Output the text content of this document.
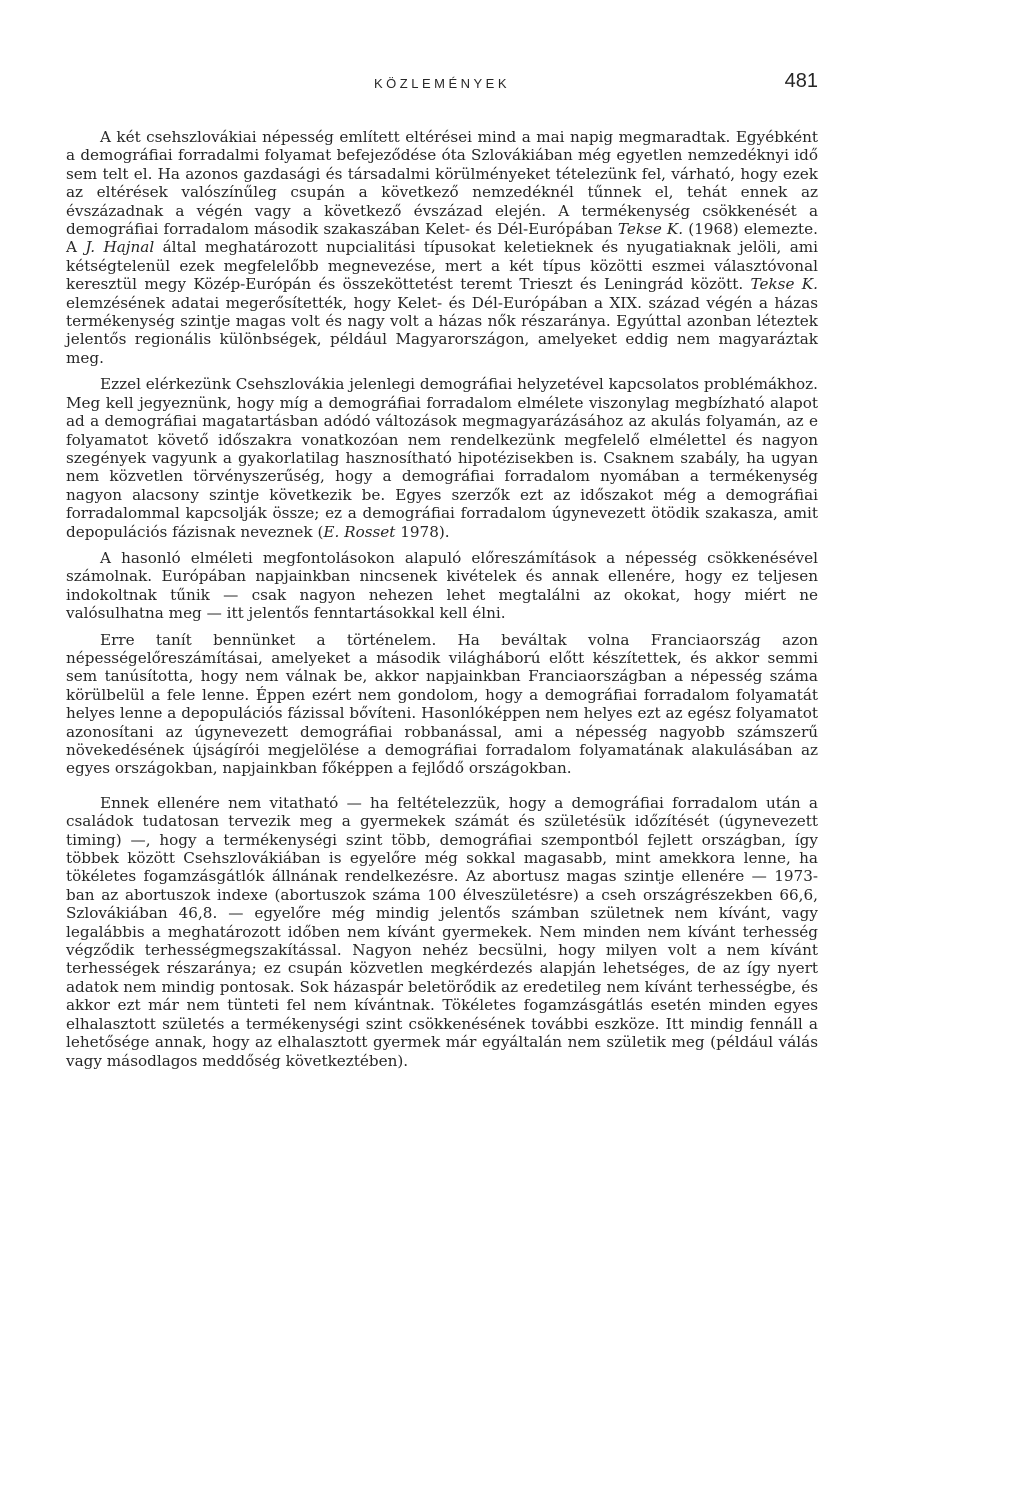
KÖZLEMÉNYEK	481

A két csehszlovákiai népesség említett eltérései mind a mai napig megmaradtak. Egyébként a demográfiai forradalmi folyamat befejeződése óta Szlovákiában még egyetlen nemzedéknyi idő sem telt el. Ha azonos gazdasági és társadalmi körülményeket tételezünk fel, várható, hogy ezek az eltérések valószínűleg csupán a következő nemzedéknél tűnnek el, tehát ennek az évszázadnak a végén vagy a következő évszázad elején. A termékenység csökkenését a demográfiai forradalom második szakaszában Kelet- és Dél-Európában Tekse K. (1968) elemezte. A J. Hajnal által meghatározott nupcialitási típusokat keletieknek és nyugatiaknak jelöli, ami kétségtelenül ezek megfelelőbb megnevezése, mert a két típus közötti eszmei választóvonal keresztül megy Közép-Európán és összeköttetést teremt Trieszt és Leningrád között. Tekse K. elemzésének adatai megerősítették, hogy Kelet- és Dél-Európában a XIX. század végén a házas termékenység szintje magas volt és nagy volt a házas nők részaránya. Egyúttal azonban léteztek jelentős regionális különbségek, például Magyarországon, amelyeket eddig nem magyaráztak meg.

Ezzel elérkezünk Csehszlovákia jelenlegi demográfiai helyzetével kapcsolatos problémákhoz. Meg kell jegyeznünk, hogy míg a demográfiai forradalom elmélete viszonylag megbízható alapot ad a demográfiai magatartásban adódó változások megmagyarázásához az akulás folyamán, az e folyamatot követő időszakra vonatkozóan nem rendelkezünk megfelelő elmélettel és nagyon szegények vagyunk a gyakorlatilag hasznosítható hipotézisekben is. Csaknem szabály, ha ugyan nem közvetlen törvényszerűség, hogy a demográfiai forradalom nyomában a termékenység nagyon alacsony szintje következik be. Egyes szerzők ezt az időszakot még a demográfiai forradalommal kapcsolják össze; ez a demográfiai forradalom úgynevezett ötödik szakasza, amit depopulációs fázisnak neveznek (E. Rosset 1978).

A hasonló elméleti megfontolásokon alapuló előreszámítások a népesség csökkenésével számolnak. Európában napjainkban nincsenek kivételek és annak ellenére, hogy ez teljesen indokoltnak tűnik — csak nagyon nehezen lehet megtalálni az okokat, hogy miért ne valósulhatna meg — itt jelentős fenntartásokkal kell élni.

Erre tanít bennünket a történelem. Ha beváltak volna Franciaország azon népességelőreszámításai, amelyeket a második világháború előtt készítettek, és akkor semmi sem tanúsította, hogy nem válnak be, akkor napjainkban Franciaországban a népesség száma körülbelül a fele lenne. Éppen ezért nem gondolom, hogy a demográfiai forradalom folyamatát helyes lenne a depopulációs fázissal bővíteni. Hasonlóképpen nem helyes ezt az egész folyamatot azonosítani az úgynevezett demográfiai robbanással, ami a népesség nagyobb számszerű növekedésének újságírói megjelölése a demográfiai forradalom folyamatának alakulásában az egyes országokban, napjainkban főképpen a fejlődő országokban.

Ennek ellenére nem vitatható — ha feltételezzük, hogy a demográfiai forradalom után a családok tudatosan tervezik meg a gyermekek számát és születésük időzítését (úgynevezett timing) —, hogy a termékenységi szint több, demográfiai szempontból fejlett országban, így többek között Csehszlovákiában is egyelőre még sokkal magasabb, mint amekkora lenne, ha tökéletes fogamzásgátlók állnának rendelkezésre. Az abortusz magas szintje ellenére — 1973-ban az abortuszok indexe (abortuszok száma 100 élveszületésre) a cseh országrészekben 66,6, Szlovákiában 46,8. — egyelőre még mindig jelentős számban születnek nem kívánt, vagy legalábbis a meghatározott időben nem kívánt gyermekek. Nem minden nem kívánt terhesség végződik terhességmegszakítással. Nagyon nehéz becsülni, hogy milyen volt a nem kívánt terhességek részaránya; ez csupán közvetlen megkérdezés alapján lehetséges, de az így nyert adatok nem mindig pontosak. Sok házaspár beletörődik az eredetileg nem kívánt terhességbe, és akkor ezt már nem tünteti fel nem kívántnak. Tökéletes fogamzásgátlás esetén minden egyes elhalasztott születés a termékenységi szint csökkenésének további eszköze. Itt mindig fennáll a lehetősége annak, hogy az elhalasztott gyermek már egyáltalán nem születik meg (például válás vagy másodlagos meddőség következtében).
